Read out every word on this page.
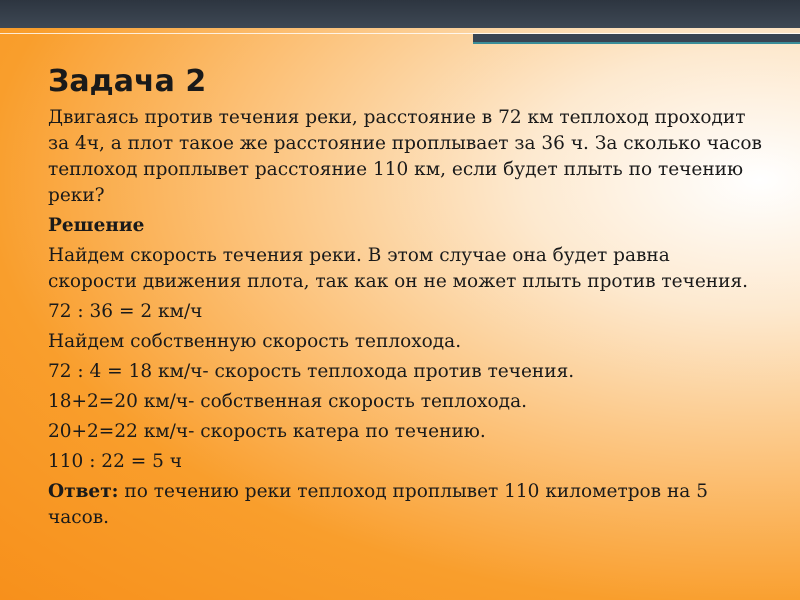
Задача 2

Двигаясь против течения реки, расстояние в 72 км теплоход проходит за 4ч, а плот такое же расстояние проплывает за 36 ч. За сколько часов теплоход проплывет расстояние 110 км, если будет плыть по течению реки?

Решение

Найдем скорость течения реки. В этом случае она будет равна скорости движения плота, так как он не может плыть против течения.

72 : 36 = 2 км/ч

Найдем собственную скорость теплохода.

72 : 4 = 18 км/ч- скорость теплохода против течения.

18+2=20 км/ч- собственная скорость теплохода.

20+2=22 км/ч- скорость катера по течению.

110 : 22 = 5 ч

Ответ: по течению реки теплоход проплывет 110 километров на 5 часов.
